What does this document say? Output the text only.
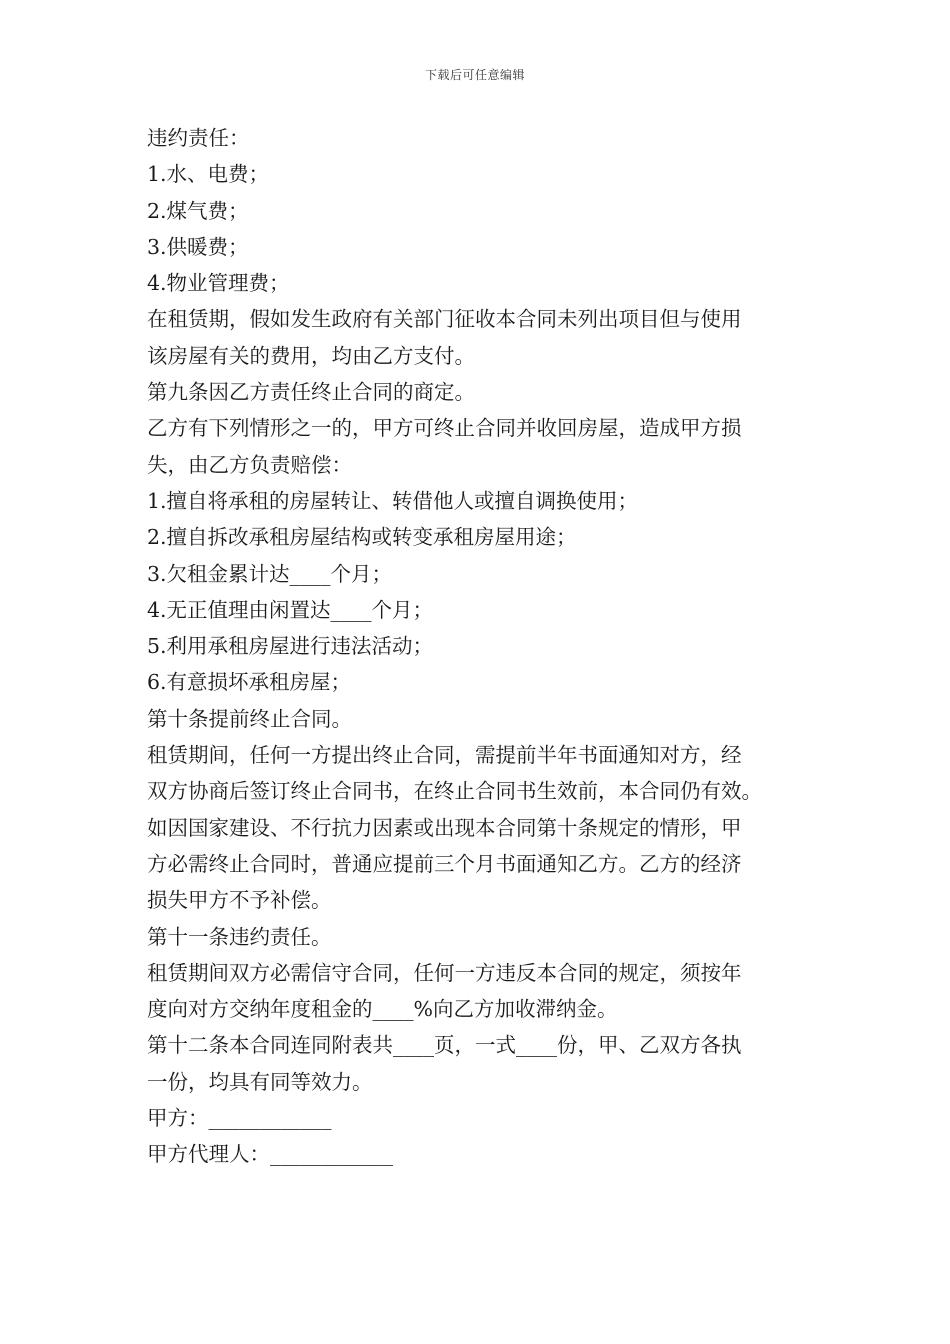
下载后可任意编辑
违约责任：
1.水、电费；
2.煤气费；
3.供暖费；
4.物业管理费；
在租赁期，假如发生政府有关部门征收本合同未列出项目但与使用
该房屋有关的费用，均由乙方支付。
第九条因乙方责任终止合同的商定。
乙方有下列情形之一的，甲方可终止合同并收回房屋，造成甲方损
失，由乙方负责赔偿：
1.擅自将承租的房屋转让、转借他人或擅自调换使用；
2.擅自拆改承租房屋结构或转变承租房屋用途；
3.欠租金累计达____个月；
4.无正值理由闲置达____个月；
5.利用承租房屋进行违法活动；
6.有意损坏承租房屋；
第十条提前终止合同。
租赁期间，任何一方提出终止合同，需提前半年书面通知对方，经
双方协商后签订终止合同书，在终止合同书生效前，本合同仍有效。
如因国家建设、不行抗力因素或出现本合同第十条规定的情形，甲
方必需终止合同时，普通应提前三个月书面通知乙方。乙方的经济
损失甲方不予补偿。
第十一条违约责任。
租赁期间双方必需信守合同，任何一方违反本合同的规定，须按年
度向对方交纳年度租金的____%向乙方加收滞纳金。
第十二条本合同连同附表共____页，一式____份，甲、乙双方各执
一份，均具有同等效力。
甲方：____________
甲方代理人：____________
